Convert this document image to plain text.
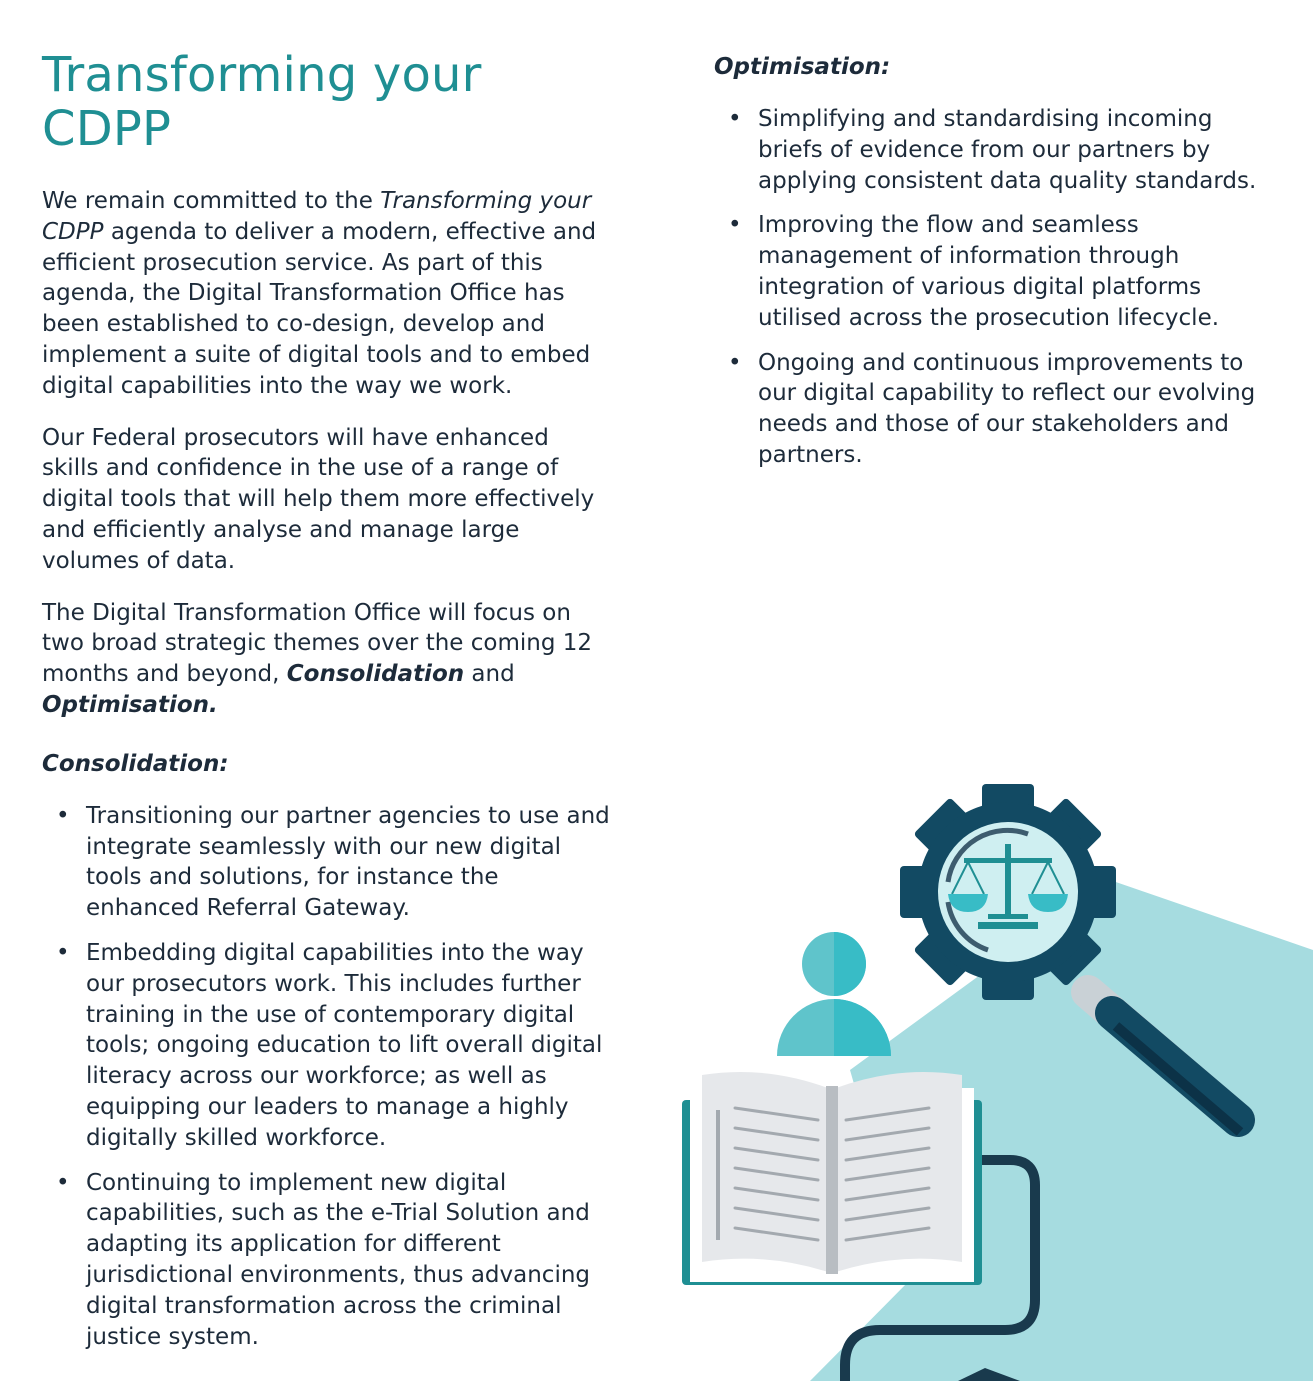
Transforming your
CDPP

We remain committed to the Transforming your CDPP agenda to deliver a modern, effective and efficient prosecution service. As part of this agenda, the Digital Transformation Office has been established to co-design, develop and implement a suite of digital tools and to embed digital capabilities into the way we work.

Our Federal prosecutors will have enhanced skills and confidence in the use of a range of digital tools that will help them more effectively and efficiently analyse and manage large volumes of data.

The Digital Transformation Office will focus on two broad strategic themes over the coming 12 months and beyond, Consolidation and Optimisation.

Consolidation:
• Transitioning our partner agencies to use and integrate seamlessly with our new digital tools and solutions, for instance the enhanced Referral Gateway.
• Embedding digital capabilities into the way our prosecutors work. This includes further training in the use of contemporary digital tools; ongoing education to lift overall digital literacy across our workforce; as well as equipping our leaders to manage a highly digitally skilled workforce.
• Continuing to implement new digital capabilities, such as the e-Trial Solution and adapting its application for different jurisdictional environments, thus advancing digital transformation across the criminal justice system.
Optimisation:
• Simplifying and standardising incoming briefs of evidence from our partners by applying consistent data quality standards.
• Improving the flow and seamless management of information through integration of various digital platforms utilised across the prosecution lifecycle.
• Ongoing and continuous improvements to our digital capability to reflect our evolving needs and those of our stakeholders and partners.
